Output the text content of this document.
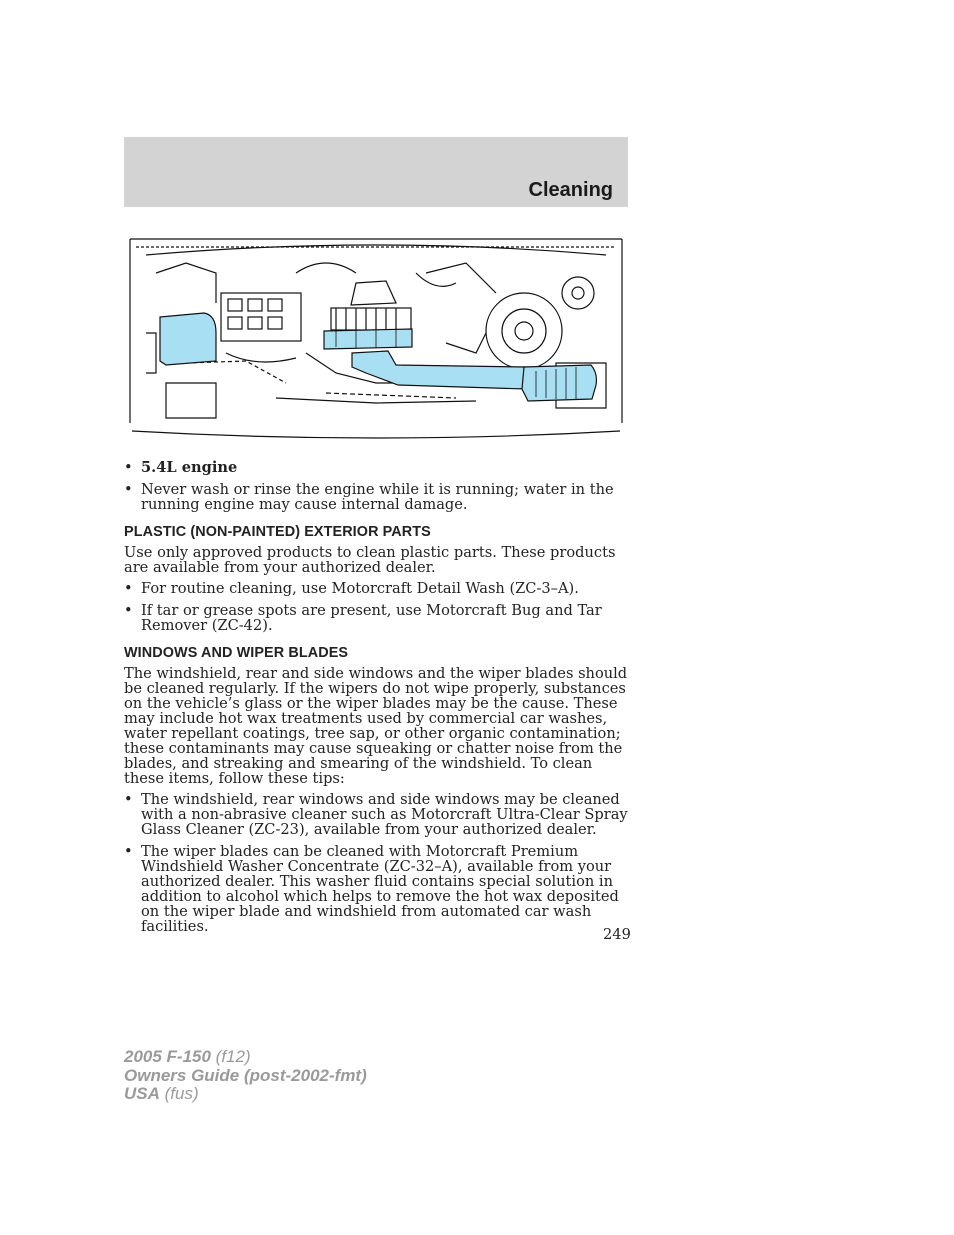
Cleaning
• 5.4L engine
• Never wash or rinse the engine while it is running; water in the running engine may cause internal damage.
PLASTIC (NON-PAINTED) EXTERIOR PARTS

Use only approved products to clean plastic parts. These products are available from your authorized dealer.

• For routine cleaning, use Motorcraft Detail Wash (ZC-3–A).
• If tar or grease spots are present, use Motorcraft Bug and Tar Remover (ZC-42).
WINDOWS AND WIPER BLADES

The windshield, rear and side windows and the wiper blades should be cleaned regularly. If the wipers do not wipe properly, substances on the vehicle’s glass or the wiper blades may be the cause. These may include hot wax treatments used by commercial car washes, water repellant coatings, tree sap, or other organic contamination; these contaminants may cause squeaking or chatter noise from the blades, and streaking and smearing of the windshield. To clean these items, follow these tips:

• The windshield, rear windows and side windows may be cleaned with a non-abrasive cleaner such as Motorcraft Ultra-Clear Spray Glass Cleaner (ZC-23), available from your authorized dealer.
• The wiper blades can be cleaned with Motorcraft Premium Windshield Washer Concentrate (ZC-32–A), available from your authorized dealer. This washer fluid contains special solution in addition to alcohol which helps to remove the hot wax deposited on the wiper blade and windshield from automated car wash facilities.	249
2005 F-150 (f12)
Owners Guide (post-2002-fmt)
USA (fus)
